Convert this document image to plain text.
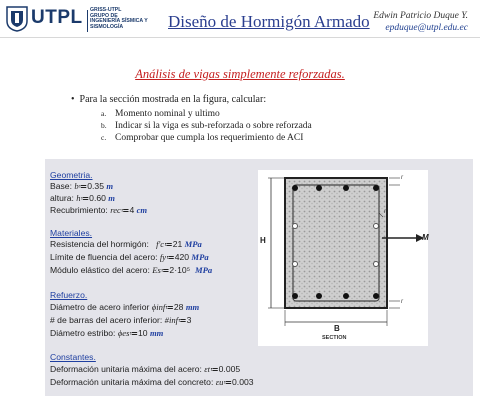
UTPL GRISS-UTPL
GRUPO DE
INGENIERÍA SÍSMICA Y
SISMOLOGÍA	Diseño de Hormigón Armado Edwin Patricio Duque Y.
epduque@utpl.edu.ec
Análisis de vigas simplemente reforzadas.
•  Para la sección mostrada en la figura, calcular:
a. Momento nominal y ultimo
b. Indicar si la viga es sub-reforzada o sobre reforzada
c. Comprobar que cumpla los requerimiento de ACI
Geometria.
Base: b≔0.35 m
altura: h≔0.60 m
Recubrimiento: rec≔4 cm
Materiales.
Resistencia del hormigón: f'c≔21 MPa
Límite de fluencia del acero: fy≔420 MPa
Módulo elástico del acero: Es≔2·10⁵ MPa
Refuerzo.
Diámetro de acero inferior ϕinf≔28 mm
# de barras del acero inferior: #inf≔3
Diámetro estribo: ϕes≔10 mm
Constantes.
Deformación unitaria máxima del acero: εt≔0.005
Deformación unitaria máxima del concreto: εu≔0.003
H
B
M
SECTION
r
r
r
